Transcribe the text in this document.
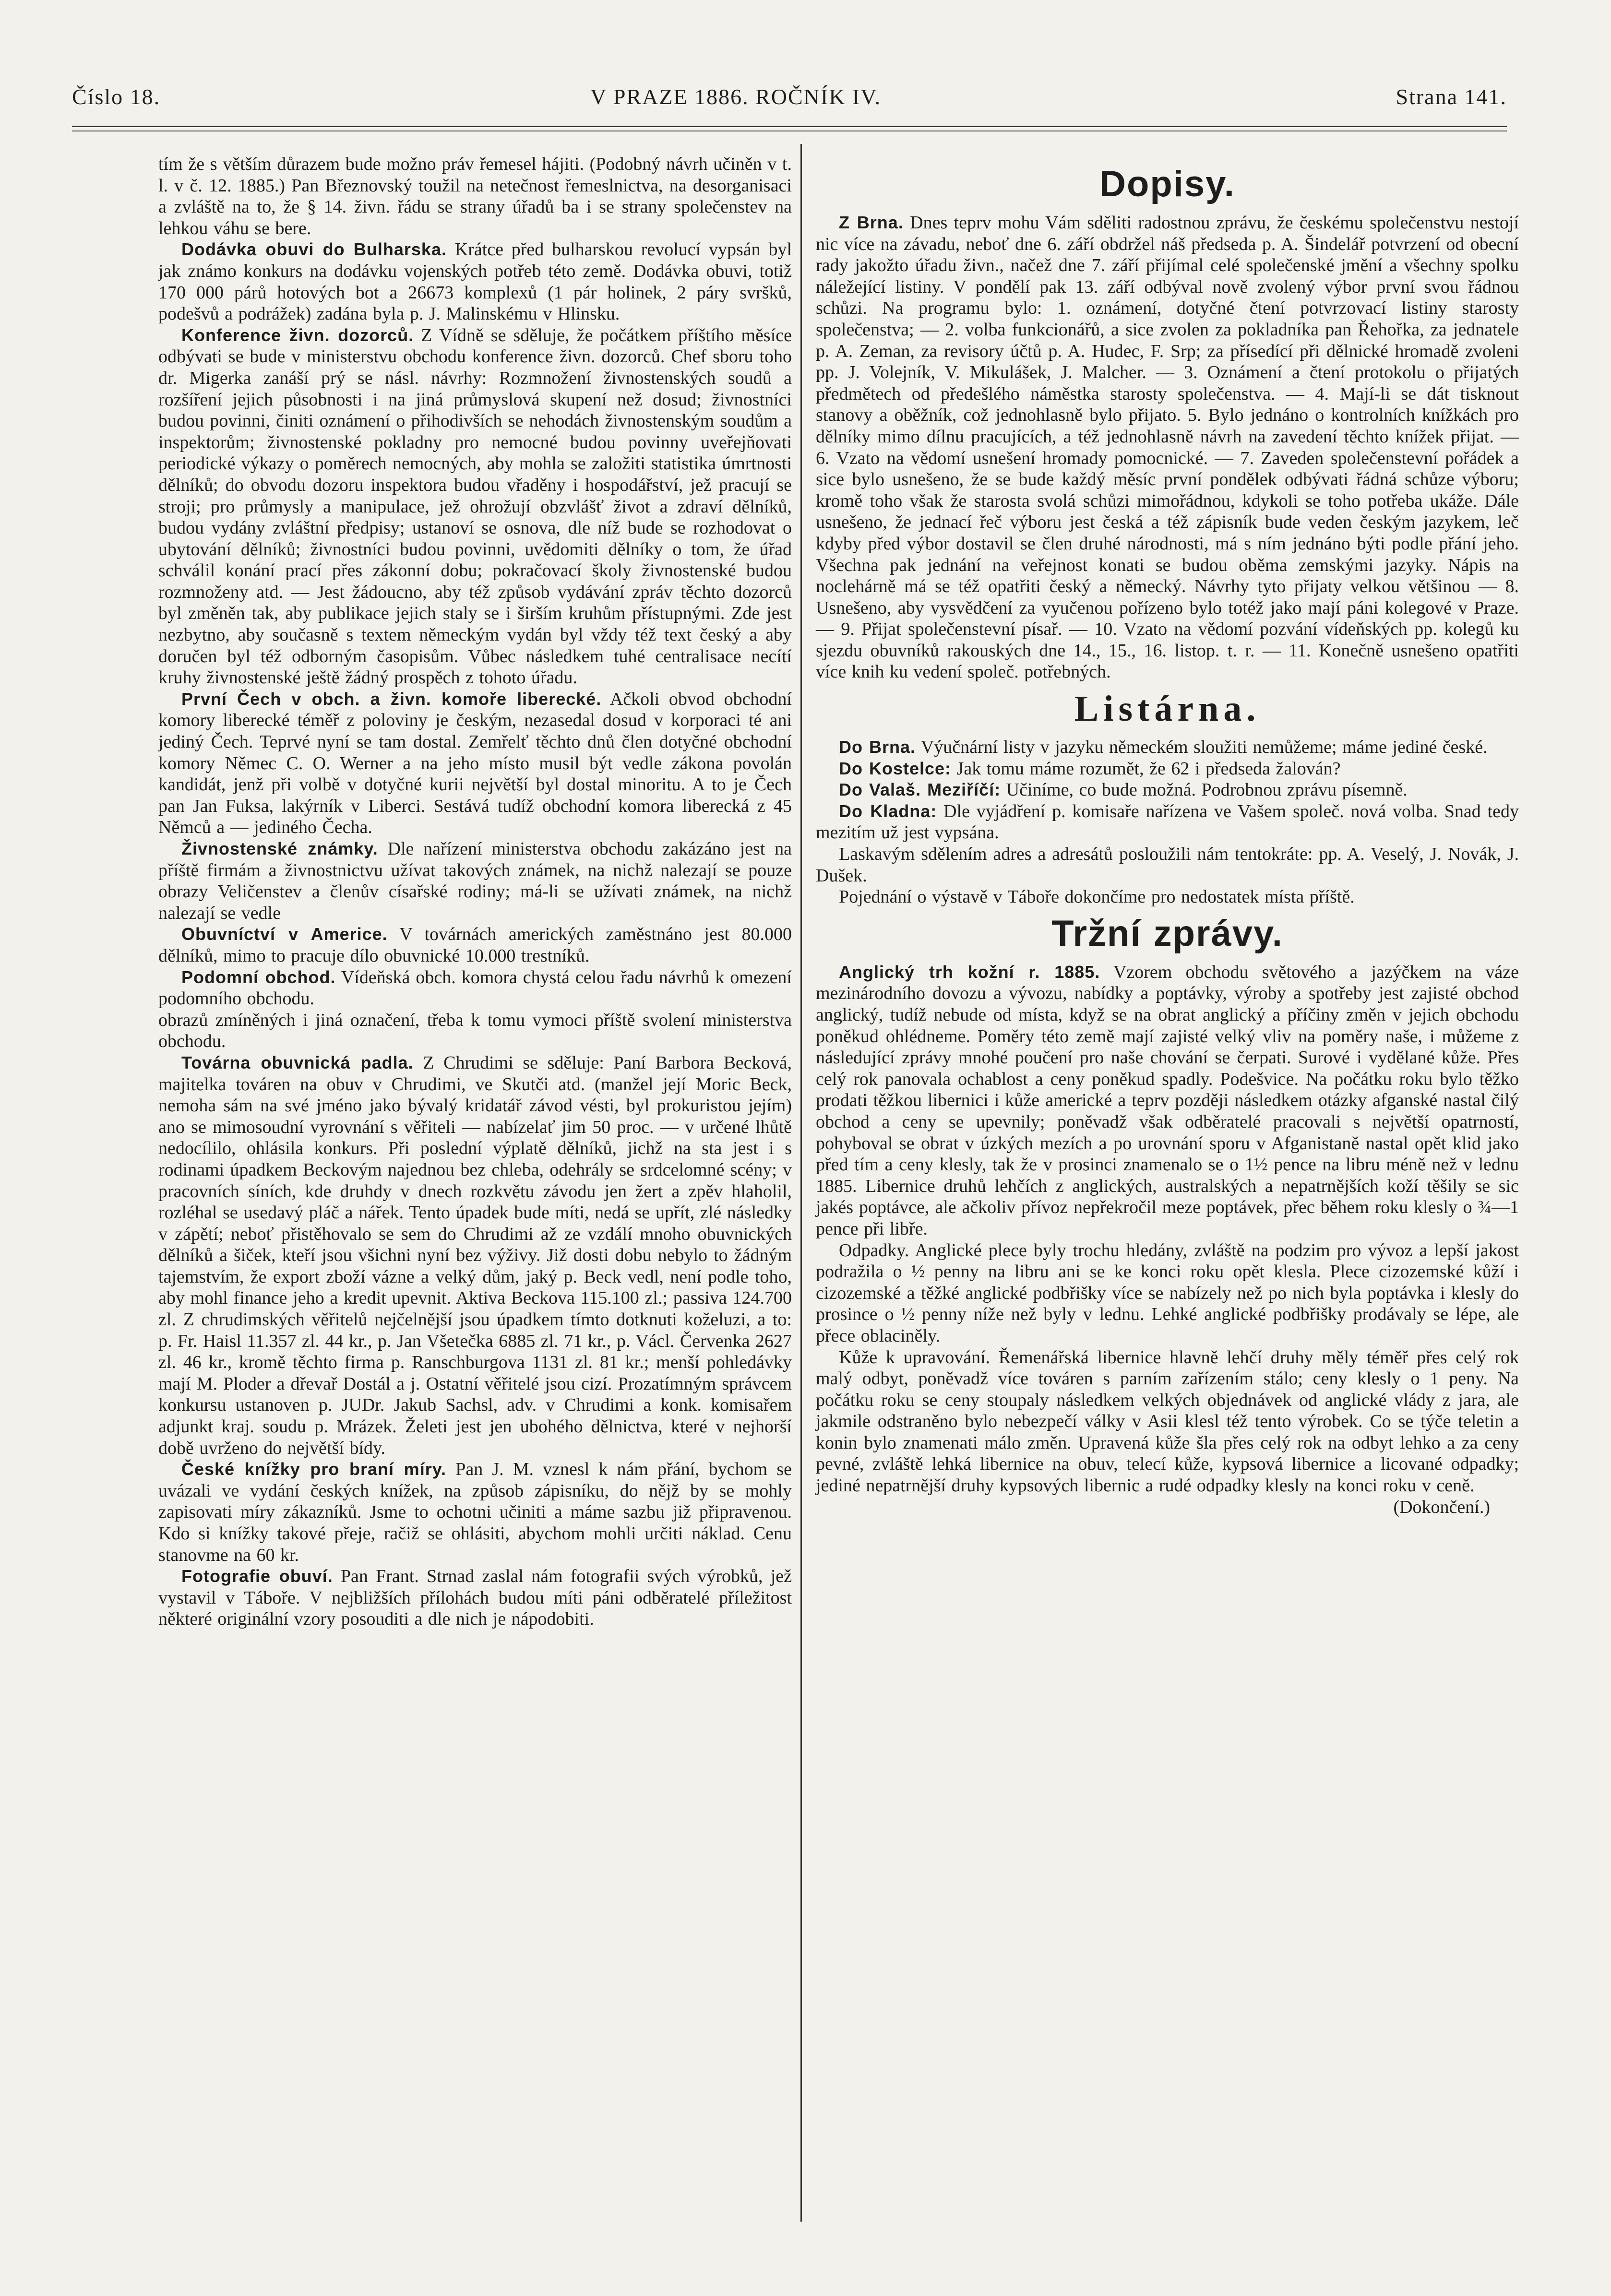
Číslo 18.	V PRAZE 1886. ROČNÍK IV.	Strana 141.

tím že s větším důrazem bude možno práv řemesel hájiti. (Podobný návrh učiněn v t. l. v č. 12. 1885.) Pan Březnovský toužil na netečnost řemeslnictva, na desorganisaci a zvláště na to, že § 14. živn. řádu se strany úřadů ba i se strany společenstev na lehkou váhu se bere.

Dodávka obuvi do Bulharska. Krátce před bulharskou revolucí vypsán byl jak známo konkurs na dodávku vojenských potřeb této země. Dodávka obuvi, totiž 170 000 párů hotových bot a 26673 komplexů (1 pár holinek, 2 páry svršků, podešvů a podrážek) zadána byla p. J. Malinskému v Hlinsku.

Konference živn. dozorců. Z Vídně se sděluje, že počátkem příštího měsíce odbývati se bude v ministerstvu obchodu konference živn. dozorců. Chef sboru toho dr. Migerka zanáší prý se násl. návrhy: Rozmnožení živnostenských soudů a rozšíření jejich působnosti i na jiná průmyslová skupení než dosud; živnostníci budou povinni, činiti oznámení o přihodivších se nehodách živnostenským soudům a inspektorům; živnostenské pokladny pro nemocné budou povinny uveřejňovati periodické výkazy o poměrech nemocných, aby mohla se založiti statistika úmrtnosti dělníků; do obvodu dozoru inspektora budou vřaděny i hospodářství, jež pracují se stroji; pro průmysly a manipulace, jež ohrožují obzvlášť život a zdraví dělníků, budou vydány zvláštní předpisy; ustanoví se osnova, dle níž bude se rozhodovat o ubytování dělníků; živnostníci budou povinni, uvědomiti dělníky o tom, že úřad schválil konání prací přes zákonní dobu; pokračovací školy živnostenské budou rozmnoženy atd. — Jest žádoucno, aby též způsob vydávání zpráv těchto dozorců byl změněn tak, aby publikace jejich staly se i širším kruhům přístupnými. Zde jest nezbytno, aby současně s textem německým vydán byl vždy též text český a aby doručen byl též odborným časopisům. Vůbec následkem tuhé centralisace necítí kruhy živnostenské ještě žádný prospěch z tohoto úřadu.

První Čech v obch. a živn. komoře liberecké. Ačkoli obvod obchodní komory liberecké téměř z poloviny je českým, nezasedal dosud v korporaci té ani jediný Čech. Teprvé nyní se tam dostal. Zemřelť těchto dnů člen dotyčné obchodní komory Němec C. O. Werner a na jeho místo musil být vedle zákona povolán kandidát, jenž při volbě v dotyčné kurii největší byl dostal minoritu. A to je Čech pan Jan Fuksa, lakýrník v Liberci. Sestává tudíž obchodní komora liberecká z 45 Němců a — jediného Čecha.

Živnostenské známky. Dle nařízení ministerstva obchodu zakázáno jest na příště firmám a živnostnictvu užívat takových známek, na nichž nalezají se pouze obrazy Veličenstev a členův císařské rodiny; má-li se užívati známek, na nichž nalezají se vedle

Obuvníctví v Americe. V továrnách amerických zaměstnáno jest 80.000 dělníků, mimo to pracuje dílo obuvnické 10.000 trestníků.

Podomní obchod. Vídeňská obch. komora chystá celou řadu návrhů k omezení podomního obchodu.

obrazů zmíněných i jiná označení, třeba k tomu vymoci příště svolení ministerstva obchodu.

Továrna obuvnická padla. Z Chrudimi se sděluje: Paní Barbora Becková, majitelka továren na obuv v Chrudimi, ve Skutči atd. (manžel její Moric Beck, nemoha sám na své jméno jako bývalý kridatář závod vésti, byl prokuristou jejím) ano se mimosoudní vyrovnání s věřiteli — nabízelať jim 50 proc. — v určené lhůtě nedocílilo, ohlásila konkurs. Při poslední výplatě dělníků, jichž na sta jest i s rodinami úpadkem Beckovým najednou bez chleba, odehrály se srdcelomné scény; v pracovních síních, kde druhdy v dnech rozkvětu závodu jen žert a zpěv hlaholil, rozléhal se usedavý pláč a nářek. Tento úpadek bude míti, nedá se upřít, zlé následky v zápětí; neboť přistěhovalo se sem do Chrudimi až ze vzdálí mnoho obuvnických dělníků a šiček, kteří jsou všichni nyní bez výživy. Již dosti dobu nebylo to žádným tajemstvím, že export zboží vázne a velký dům, jaký p. Beck vedl, není podle toho, aby mohl finance jeho a kredit upevnit. Aktiva Beckova 115.100 zl.; passiva 124.700 zl. Z chrudimských věřitelů nejčelnější jsou úpadkem tímto dotknuti koželuzi, a to: p. Fr. Haisl 11.357 zl. 44 kr., p. Jan Všetečka 6885 zl. 71 kr., p. Václ. Červenka 2627 zl. 46 kr., kromě těchto firma p. Ranschburgova 1131 zl. 81 kr.; menší pohledávky mají M. Ploder a dřevař Dostál a j. Ostatní věřitelé jsou cizí. Prozatímným správcem konkursu ustanoven p. JUDr. Jakub Sachsl, adv. v Chrudimi a konk. komisařem adjunkt kraj. soudu p. Mrázek. Želeti jest jen ubohého dělnictva, které v nejhorší době uvrženo do největší bídy.

České knížky pro braní míry. Pan J. M. vznesl k nám přání, bychom se uvázali ve vydání českých knížek, na způsob zápisníku, do nějž by se mohly zapisovati míry zákazníků. Jsme to ochotni učiniti a máme sazbu již připravenou. Kdo si knížky takové přeje, račiž se ohlásiti, abychom mohli určiti náklad. Cenu stanovme na 60 kr.

Fotografie obuví. Pan Frant. Strnad zaslal nám fotografii svých výrobků, jež vystavil v Táboře. V nejbližších přílohách budou míti páni odběratelé příležitost některé originální vzory posouditi a dle nich je nápodobiti.

Dopisy.

Z Brna. Dnes teprv mohu Vám sděliti radostnou zprávu, že českému společenstvu nestojí nic více na závadu, neboť dne 6. září obdržel náš předseda p. A. Šindelář potvrzení od obecní rady jakožto úřadu živn., načež dne 7. září přijímal celé společenské jmění a všechny spolku náležející listiny. V pondělí pak 13. září odbýval nově zvolený výbor první svou řádnou schůzi. Na programu bylo: 1. oznámení, dotyčné čtení potvrzovací listiny starosty společenstva; — 2. volba funkcionářů, a sice zvolen za pokladníka pan Řehořka, za jednatele p. A. Zeman, za revisory účtů p. A. Hudec, F. Srp; za přísedící při dělnické hromadě zvoleni pp. J. Volejník, V. Mikulášek, J. Malcher. — 3. Oznámení a čtení protokolu o přijatých předmětech od předešlého náměstka starosty společenstva. — 4. Mají-li se dát tisknout stanovy a oběžník, což jednohlasně bylo přijato. 5. Bylo jednáno o kontrolních knížkách pro dělníky mimo dílnu pracujících, a též jednohlasně návrh na zavedení těchto knížek přijat. — 6. Vzato na vědomí usnešení hromady pomocnické. — 7. Zaveden společenstevní pořádek a sice bylo usnešeno, že se bude každý měsíc první pondělek odbývati řádná schůze výboru; kromě toho však že starosta svolá schůzi mimořádnou, kdykoli se toho potřeba ukáže. Dále usnešeno, že jednací řeč výboru jest česká a též zápisník bude veden českým jazykem, leč kdyby před výbor dostavil se člen druhé národnosti, má s ním jednáno býti podle přání jeho. Všechna pak jednání na veřejnost konati se budou oběma zemskými jazyky. Nápis na noclehárně má se též opatřiti český a německý. Návrhy tyto přijaty velkou většinou — 8. Usnešeno, aby vysvědčení za vyučenou pořízeno bylo totéž jako mají páni kolegové v Praze. — 9. Přijat společenstevní písař. — 10. Vzato na vědomí pozvání vídeňských pp. kolegů ku sjezdu obuvníků rakouských dne 14., 15., 16. listop. t. r. — 11. Konečně usnešeno opatřiti více knih ku vedení společ. potřebných.

Listárna.

Do Brna. Výučnární listy v jazyku německém sloužiti nemůžeme; máme jediné české.

Do Kostelce: Jak tomu máme rozumět, že 62 i předseda žalován?

Do Valaš. Meziříčí: Učiníme, co bude možná. Podrobnou zprávu písemně.

Do Kladna: Dle vyjádření p. komisaře nařízena ve Vašem společ. nová volba. Snad tedy mezitím už jest vypsána.

Laskavým sdělením adres a adresátů posloužili nám tentokráte: pp. A. Veselý, J. Novák, J. Dušek.

Pojednání o výstavě v Táboře dokončíme pro nedostatek místa příště.

Tržní zprávy.

Anglický trh kožní r. 1885. Vzorem obchodu světového a jazýčkem na váze mezinárodního dovozu a vývozu, nabídky a poptávky, výroby a spotřeby jest zajisté obchod anglický, tudíž nebude od místa, když se na obrat anglický a příčiny změn v jejich obchodu poněkud ohlédneme. Poměry této země mají zajisté velký vliv na poměry naše, i můžeme z následující zprávy mnohé poučení pro naše chování se čerpati. Surové i vydělané kůže. Přes celý rok panovala ochablost a ceny poněkud spadly. Podešvice. Na počátku roku bylo těžko prodati těžkou libernici i kůže americké a teprv později následkem otázky afganské nastal čilý obchod a ceny se upevnily; poněvadž však odběratelé pracovali s největší opatrností, pohyboval se obrat v úzkých mezích a po urovnání sporu v Afganistaně nastal opět klid jako před tím a ceny klesly, tak že v prosinci znamenalo se o 1½ pence na libru méně než v lednu 1885. Libernice druhů lehčích z anglických, australských a nepatrnějších koží těšily se sic jakés poptávce, ale ačkoliv přívoz nepřekročil meze poptávek, přec během roku klesly o ¾—1 pence při libře.

Odpadky. Anglické plece byly trochu hledány, zvláště na podzim pro vývoz a lepší jakost podražila o ½ penny na libru ani se ke konci roku opět klesla. Plece cizozemské kůží i cizozemské a těžké anglické podbřišky více se nabízely než po nich byla poptávka i klesly do prosince o ½ penny níže než byly v lednu. Lehké anglické podbřišky prodávaly se lépe, ale přece oblaciněly.

Kůže k upravování. Řemenářská libernice hlavně lehčí druhy měly téměř přes celý rok malý odbyt, poněvadž více továren s parním zařízením stálo; ceny klesly o 1 peny. Na počátku roku se ceny stoupaly následkem velkých objednávek od anglické vlády z jara, ale jakmile odstraněno bylo nebezpečí války v Asii klesl též tento výrobek. Co se týče teletin a konin bylo znamenati málo změn. Upravená kůže šla přes celý rok na odbyt lehko a za ceny pevné, zvláště lehká libernice na obuv, telecí kůže, kypsová libernice a licované odpadky; jediné nepatrnější druhy kypsových libernic a rudé odpadky klesly na konci roku v ceně.

(Dokončení.)
